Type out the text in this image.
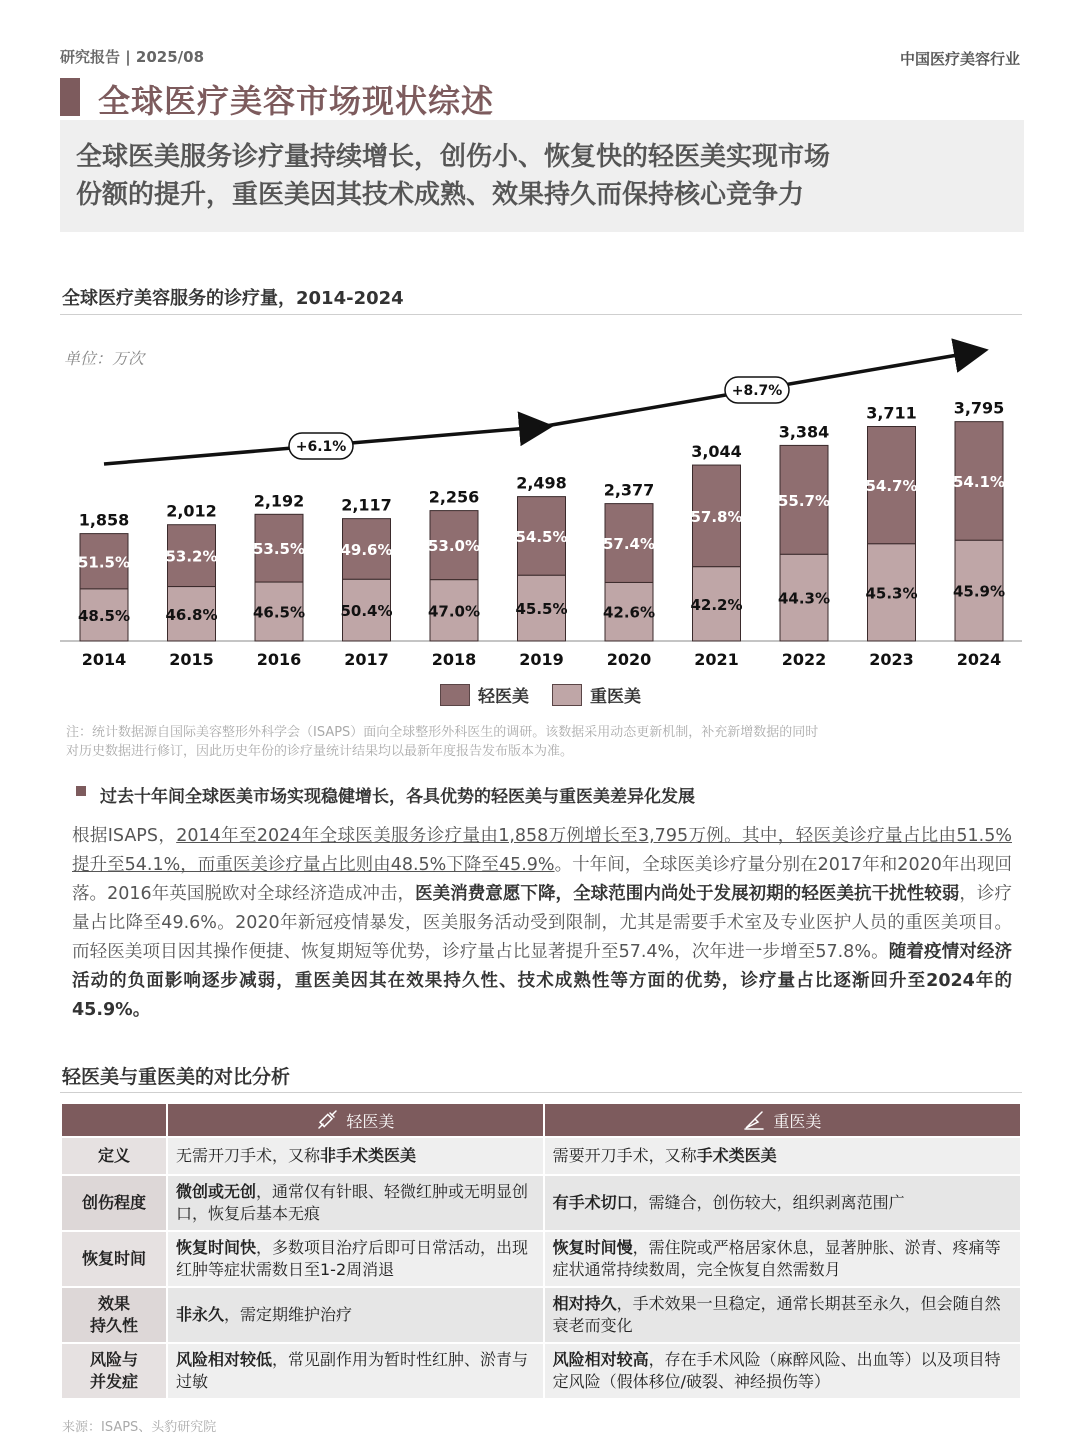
研究报告 | 2025/08	中国医疗美容行业
全球医疗美容市场现状综述
全球医美服务诊疗量持续增长，创伤小、恢复快的轻医美实现市场
份额的提升，重医美因其技术成熟、效果持久而保持核心竞争力
全球医疗美容服务的诊疗量，2014-2024
单位：万次
1,858
51.5%
48.5%
2014
2,012
53.2%
46.8%
2015
2,192
53.5%
46.5%
2016
2,117
49.6%
50.4%
2017
2,256
53.0%
47.0%
2018
2,498
54.5%
45.5%
2019
2,377
57.4%
42.6%
2020
3,044
57.8%
42.2%
2021
3,384
55.7%
44.3%
2022
3,711
54.7%
45.3%
2023
3,795
54.1%
45.9%
2024
+6.1%
+8.7%
轻医美	重医美
注：统计数据源自国际美容整形外科学会（ISAPS）面向全球整形外科医生的调研。该数据采用动态更新机制，补充新增数据的同时
对历史数据进行修订，因此历史年份的诊疗量统计结果均以最新年度报告发布版本为准。
过去十年间全球医美市场实现稳健增长，各具优势的轻医美与重医美差异化发展
根据ISAPS，2014年至2024年全球医美服务诊疗量由1,858万例增长至3,795万例。其中，轻医美诊疗量占比由51.5%提升至54.1%，而重医美诊疗量占比则由48.5%下降至45.9%。十年间，全球医美诊疗量分别在2017年和2020年出现回落。2016年英国脱欧对全球经济造成冲击，医美消费意愿下降，全球范围内尚处于发展初期的轻医美抗干扰性较弱，诊疗量占比降至49.6%。2020年新冠疫情暴发，医美服务活动受到限制，尤其是需要手术室及专业医护人员的重医美项目。而轻医美项目因其操作便捷、恢复期短等优势，诊疗量占比显著提升至57.4%，次年进一步增至57.8%。随着疫情对经济活动的负面影响逐步减弱，重医美因其在效果持久性、技术成熟性等方面的优势，诊疗量占比逐渐回升至2024年的45.9%。
轻医美与重医美的对比分析

	轻医美	重医美

定义	无需开刀手术，又称非手术类医美	需要开刀手术，又称手术类医美
创伤程度	微创或无创，通常仅有针眼、轻微红肿或无明显创口，恢复后基本无痕	有手术切口，需缝合，创伤较大，组织剥离范围广
恢复时间	恢复时间快，多数项目治疗后即可日常活动，出现红肿等症状需数日至1-2周消退	恢复时间慢，需住院或严格居家休息，显著肿胀、淤青、疼痛等症状通常持续数周，完全恢复自然需数月

效果
持久性	非永久，需定期维护治疗	相对持久，手术效果一旦稳定，通常长期甚至永久，但会随自然衰老而变化

风险与
并发症	风险相对较低，常见副作用为暂时性红肿、淤青与过敏	风险相对较高，存在手术风险（麻醉风险、出血等）以及项目特定风险（假体移位/破裂、神经损伤等）
来源：ISAPS、头豹研究院
